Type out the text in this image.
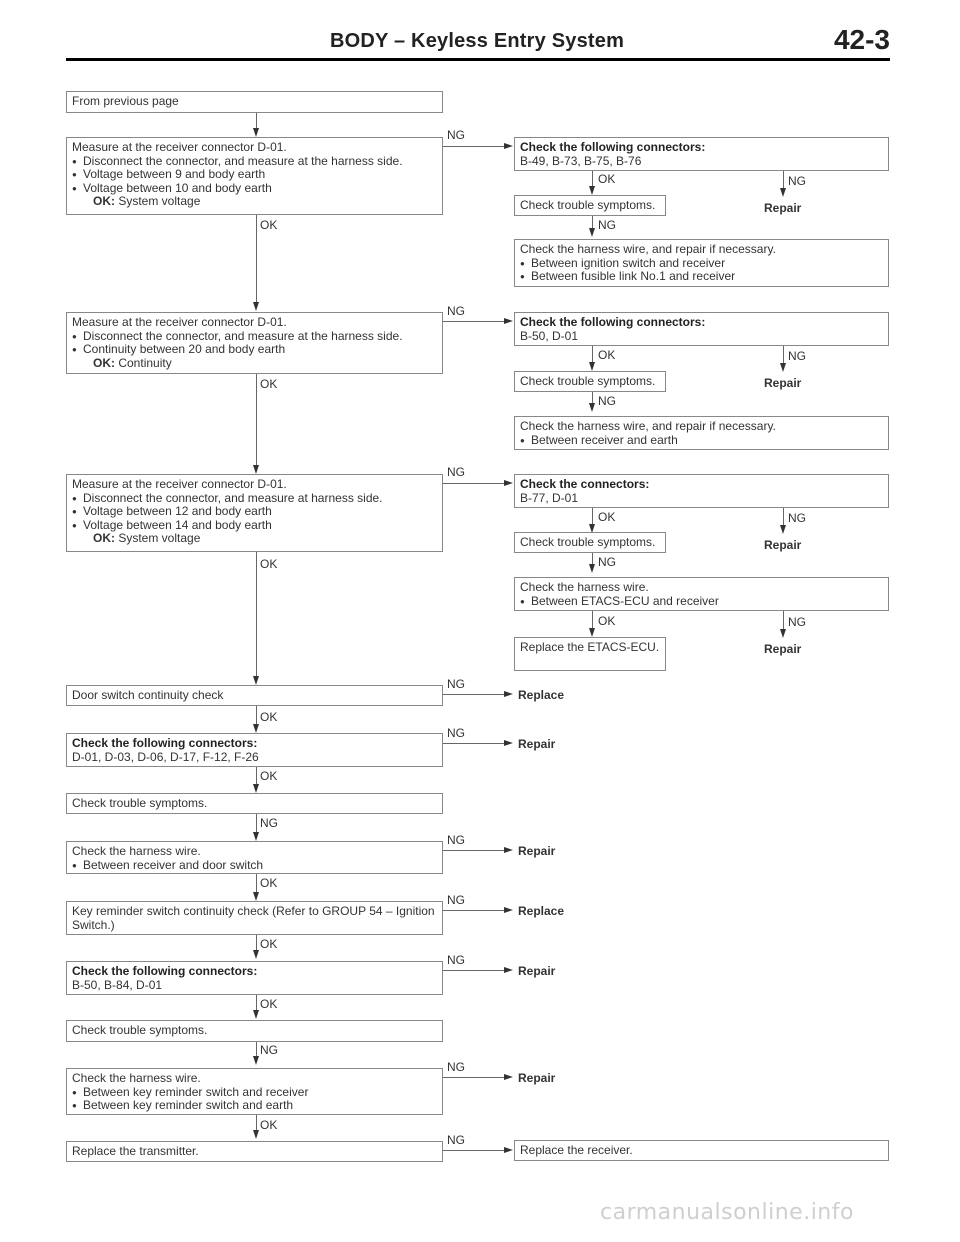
BODY – Keyless Entry System	42-3
OK
OK
OK
OK
OK
NG
OK
OK
OK
NG
OK
From previous page
Measure at the receiver connector D-01.
● Disconnect the connector, and measure at the harness side.
● Voltage between 9 and body earth
● Voltage between 10 and body earth
OK: System voltage
Measure at the receiver connector D-01.
● Disconnect the connector, and measure at the harness side.
● Continuity between 20 and body earth
OK: Continuity
Measure at the receiver connector D-01.
● Disconnect the connector, and measure at harness side.
● Voltage between 12 and body earth
● Voltage between 14 and body earth
OK: System voltage
Door switch continuity check
Check the following connectors:
D-01, D-03, D-06, D-17, F-12, F-26
Check trouble symptoms.
Check the harness wire.
● Between receiver and door switch
Key reminder switch continuity check (Refer to GROUP 54 – Ignition Switch.)
Check the following connectors:
B-50, B-84, D-01
Check trouble symptoms.
Check the harness wire.
● Between key reminder switch and receiver
● Between key reminder switch and earth
Replace the transmitter.
NG
Check the following connectors:
B-49, B-73, B-75, B-76
OK	NG
Repair
Check trouble symptoms.
NG
Check the harness wire, and repair if necessary.
● Between ignition switch and receiver
● Between fusible link No.1 and receiver
NG
Check the following connectors:
B-50, D-01
OK	NG
Repair
Check trouble symptoms.
NG
Check the harness wire, and repair if necessary.
● Between receiver and earth
NG
Check the connectors:
B-77, D-01
OK	NG
Repair
Check trouble symptoms.
NG
Check the harness wire.
● Between ETACS-ECU and receiver
OK	NG
Repair
Replace the ETACS-ECU.
NG
Replace
NG
Repair
NG
Repair
NG
Replace
NG
Repair
NG
Repair
NG
Replace the receiver.
carmanualsonline.info
